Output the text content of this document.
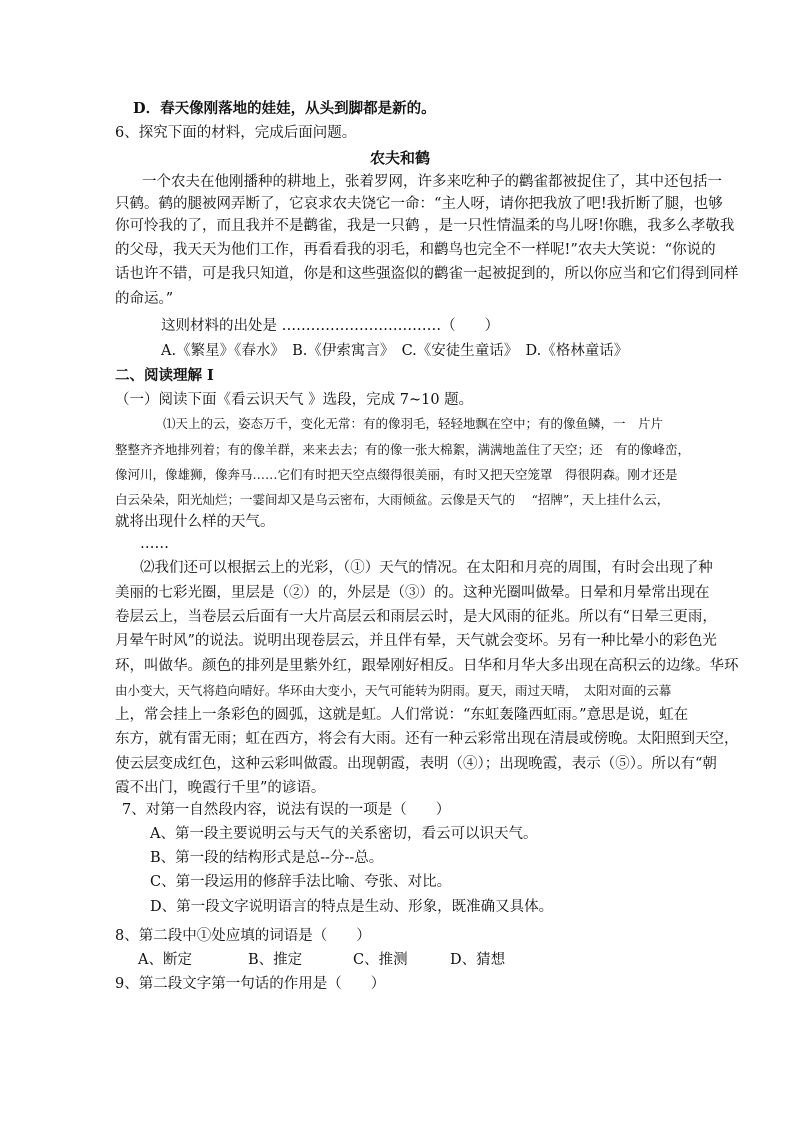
D．春天像刚落地的娃娃，从头到脚都是新的。
6、探究下面的材料，完成后面问题。
农夫和鹤
一个农夫在他刚播种的耕地上，张着罗网，许多来吃种子的鹳雀都被捉住了，其中还包括一
只鹤。鹤的腿被网弄断了，它哀求农夫饶它一命：“主人呀，请你把我放了吧!我折断了腿，也够
你可怜我的了，而且我并不是鹳雀，我是一只鹤 ，是一只性情温柔的鸟儿呀!你瞧，我多么孝敬我
的父母，我天天为他们工作，再看看我的羽毛，和鹳鸟也完全不一样呢!”农夫大笑说：“你说的
话也许不错，可是我只知道，你是和这些强盗似的鹳雀一起被捉到的，所以你应当和它们得到同样
的命运。”
这则材料的出处是 ……………………………（　　）
A.《繁星》《春水》　B.《伊索寓言》　C.《安徒生童话》　D.《格林童话》
二、阅读理解 Ⅰ
（一）阅读下面《看云识天气 》选段，完成 7~10 题。
⑴天上的云，姿态万千，变化无常：有的像羽毛，轻轻地飘在空中；有的像鱼鳞，一　片片
整整齐齐地排列着；有的像羊群，来来去去；有的像一张大棉絮，满满地盖住了天空；还　有的像峰峦，
像河川，像雄狮，像奔马……它们有时把天空点缀得很美丽，有时又把天空笼罩　得很阴森。刚才还是
白云朵朵，阳光灿烂；一霎间却又是乌云密布，大雨倾盆。云像是天气的　 “招牌”，天上挂什么云，
就将出现什么样的天气。
……
⑵我们还可以根据云上的光彩，（①）天气的情况。在太阳和月亮的周围，有时会出现了种
美丽的七彩光圈，里层是（②）的，外层是（③）的。这种光圈叫做晕。日晕和月晕常出现在
卷层云上，当卷层云后面有一大片高层云和雨层云时，是大风雨的征兆。所以有“日晕三更雨，
月晕午时风”的说法。说明出现卷层云，并且伴有晕，天气就会变坏。另有一种比晕小的彩色光
环，叫做华。颜色的排列是里紫外红，跟晕刚好相反。日华和月华大多出现在高积云的边缘。华环
由小变大，天气将趋向晴好。华环由大变小，天气可能转为阴雨。夏天，雨过天晴，　太阳对面的云幕
上，常会挂上一条彩色的圆弧，这就是虹。人们常说：“东虹轰隆西虹雨。”意思是说，虹在
东方，就有雷无雨；虹在西方，将会有大雨。还有一种云彩常出现在清晨或傍晚。太阳照到天空，
使云层变成红色，这种云彩叫做霞。出现朝霞，表明（④）；出现晚霞，表示（⑤）。所以有“朝
霞不出门，晚霞行千里”的谚语。
7、对第一自然段内容，说法有误的一项是（　　）
A、第一段主要说明云与天气的关系密切，看云可以识天气。
B、第一段的结构形式是总--分--总。
C、第一段运用的修辞手法比喻、夸张、对比。
D、第一段文字说明语言的特点是生动、形象，既准确又具体。
8、第二段中①处应填的词语是（　　）
A、断定	B、推定	C、推测	D、猜想
9、第二段文字第一句话的作用是（　　）
